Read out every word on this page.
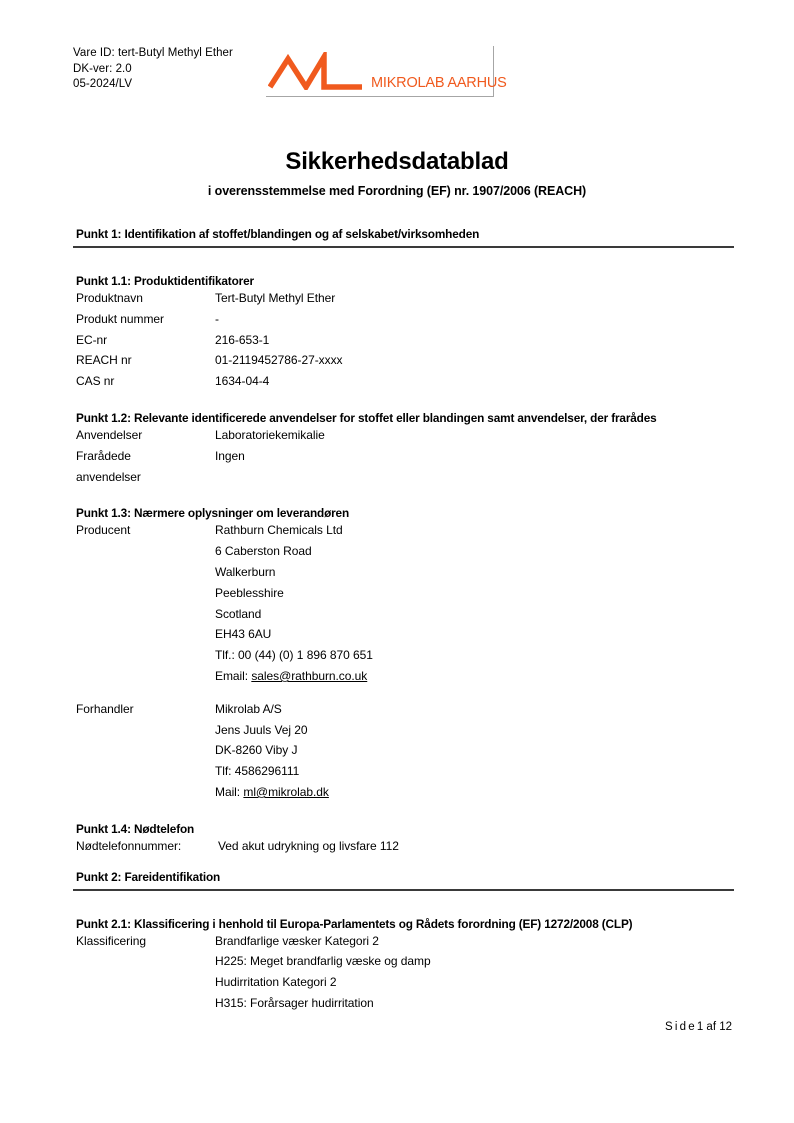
Vare ID: tert-Butyl Methyl Ether
DK-ver: 2.0
05-2024/LV	MIKROLAB AARHUS
Sikkerhedsdatablad
i overensstemmelse med Forordning (EF) nr. 1907/2006 (REACH)
Punkt 1: Identifikation af stoffet/blandingen og af selskabet/virksomheden
Punkt 1.1: Produktidentifikatorer
Produktnavn	Tert-Butyl Methyl Ether
Produkt nummer	-
EC-nr	216-653-1
REACH nr	01-2119452786-27-xxxx
CAS nr	1634-04-4
Punkt 1.2: Relevante identificerede anvendelser for stoffet eller blandingen samt anvendelser, der frarådes
Anvendelser	Laboratoriekemikalie
Frarådede	Ingen
anvendelser
Punkt 1.3: Nærmere oplysninger om leverandøren
Producent	Rathburn Chemicals Ltd
6 Caberston Road
Walkerburn
Peeblesshire
Scotland
EH43 6AU
Tlf.: 00 (44) (0) 1 896 870 651
Email: sales@rathburn.co.uk
Forhandler	Mikrolab A/S
Jens Juuls Vej 20
DK-8260 Viby J
Tlf: 4586296111
Mail: ml@mikrolab.dk
Punkt 1.4: Nødtelefon
Nødtelefonnummer:	Ved akut udrykning og livsfare 112
Punkt 2: Fareidentifikation
Punkt 2.1: Klassificering i henhold til Europa-Parlamentets og Rådets forordning (EF) 1272/2008 (CLP)
Klassificering	Brandfarlige væsker Kategori 2
H225: Meget brandfarlig væske og damp
Hudirritation Kategori 2
H315: Forårsager hudirritation
Side1 af 12
